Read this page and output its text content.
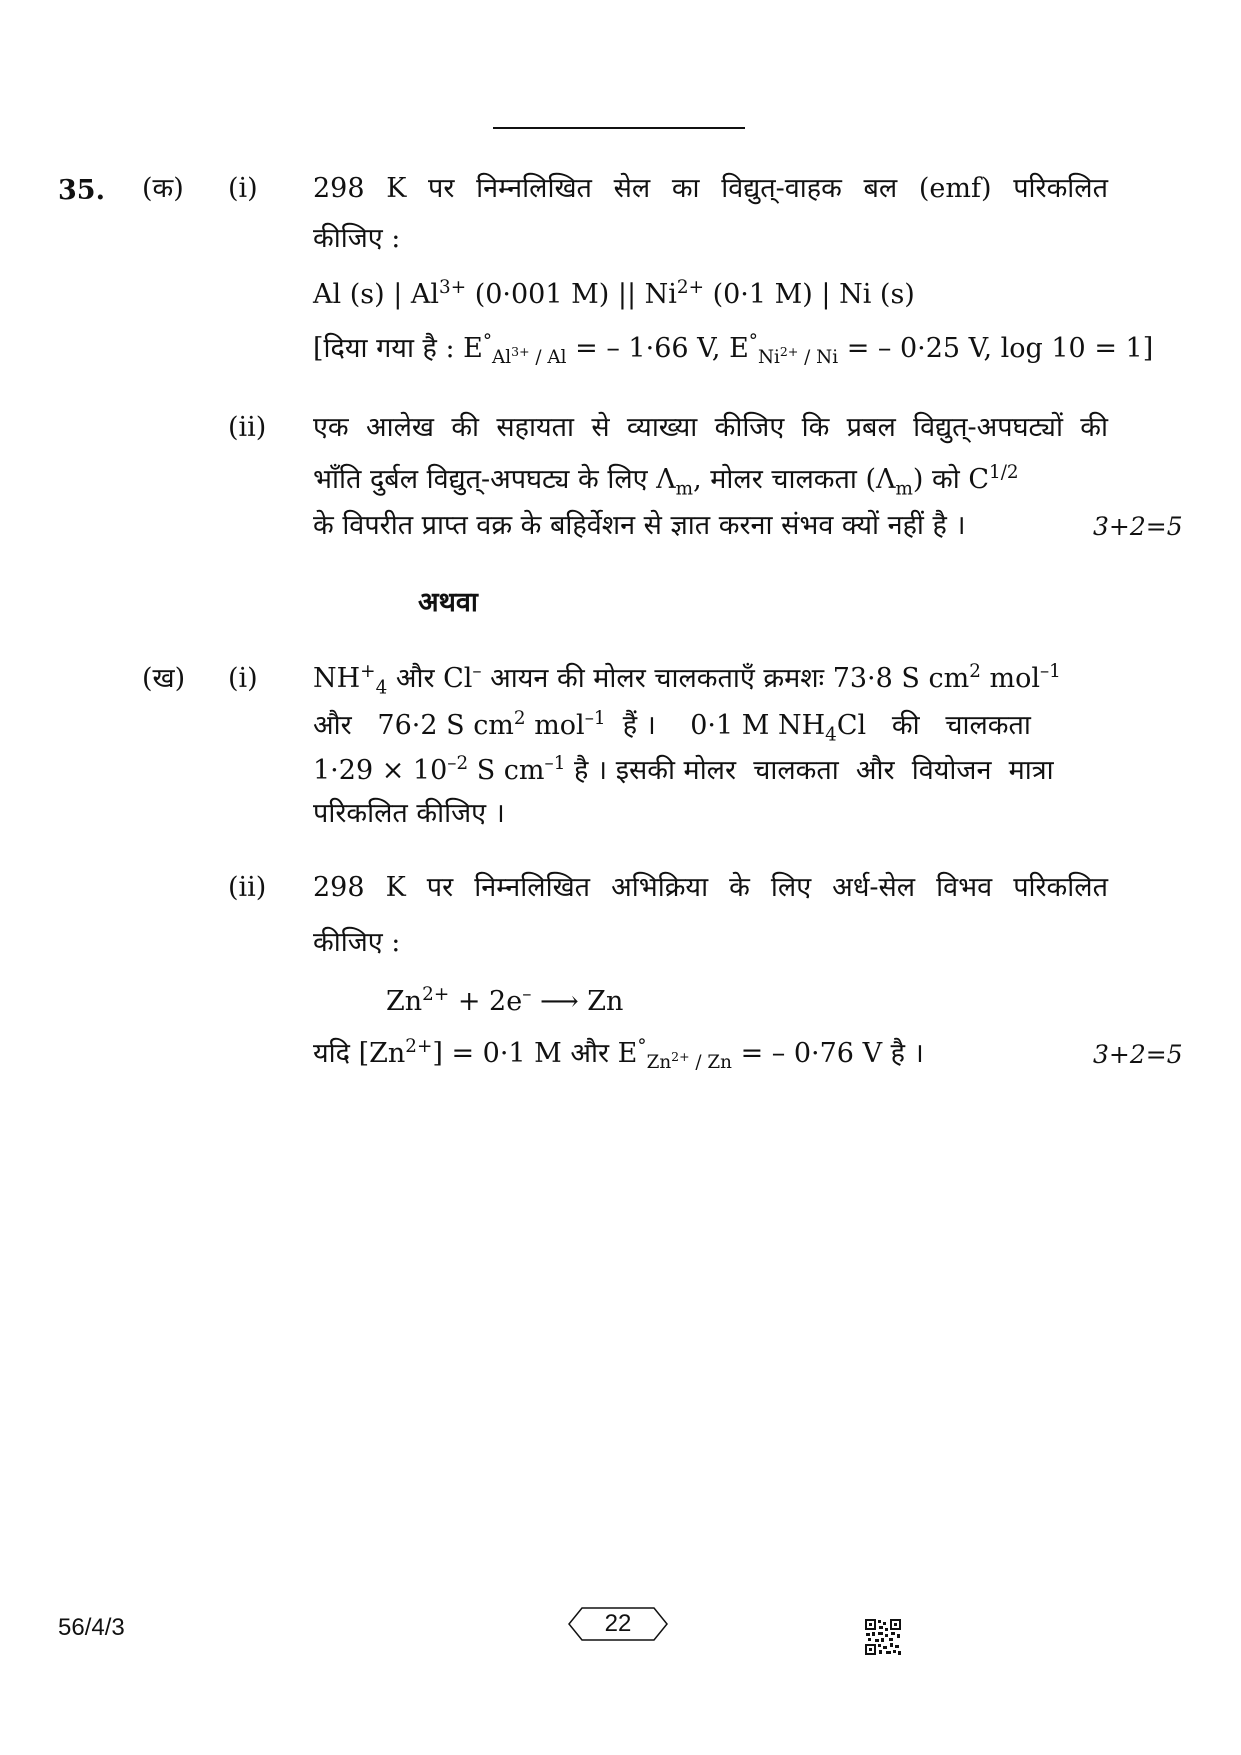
35. (क) (i) 298 K पर निम्नलिखित सेल का विद्युत्-वाहक बल (emf) परिकलित
कीजिए :
Al (s) | $Al^{3+}$ (0·001 M) || $Ni^{2+}$ (0·1 M) | Ni (s)
[दिया गया है : $E^\circ_{Al^{3+} / Al}$ = – 1·66 V, $E^\circ_{Ni^{2+} / Ni}$ = – 0·25 V, log 10 = 1]
(ii) एक आलेख की सहायता से व्याख्या कीजिए कि प्रबल विद्युत्-अपघट्यों की
भाँति दुर्बल विद्युत्-अपघट्य के लिए $\Lambda_m$, मोलर चालकता $(\Lambda_m)$ को $C^{1/2}$
के विपरीत प्राप्त वक्र के बहिर्वेशन से ज्ञात करना संभव क्यों नहीं है ।	3+2=5
अथवा
(ख) (i) $NH^+_4$ और Cl– आयन की मोलर चालकताएँ क्रमशः 73·8 S $cm^2$ mol$^{-1}$
और   76·2 S $cm^2$ mol$^{-1}$  हैं ।    0·1 M $NH_4Cl$   की   चालकता
$1\cdot 29 \times 10^{-2}$ S $cm^{-1}$ है । इसकी मोलर  चालकता  और  वियोजन  मात्रा
परिकलित कीजिए ।
(ii) 298 K पर निम्नलिखित अभिक्रिया के लिए अर्ध-सेल विभव परिकलित
कीजिए :
$Zn^{2+} + 2e^-$ ⟶ Zn
यदि $[Zn^{2+}] = 0\cdot 1$ M और $E^\circ_{Zn^{2+} / Zn}$ = – 0·76 V है ।	3+2=5
56/4/3	22
